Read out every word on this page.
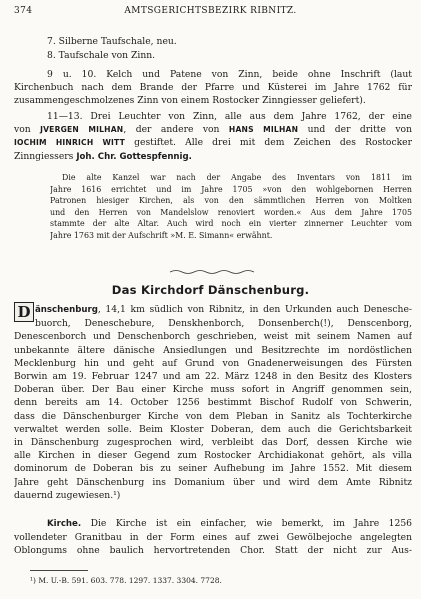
374	AMTSGERICHTSBEZIRK RIBNITZ.
7. Silberne Taufschale, neu.
8. Taufschale von Zinn.
9 u. 10. Kelch und Patene von Zinn, beide ohne Inschrift (laut
Kirchenbuch nach dem Brande der Pfarre und Küsterei im Jahre 1762 für
zusammengeschmolzenes Zinn von einem Rostocker Zinngiesser geliefert).
11—13. Drei Leuchter von Zinn, alle aus dem Jahre 1762, der eine
von JVERGEN MILHAN, der andere von HANS MILHAN und der dritte von
IOCHIM HINRICH WITT gestiftet. Alle drei mit dem Zeichen des Rostocker
Zinngiessers Joh. Chr. Gottespfennig.
Die alte Kanzel war nach der Angabe des Inventars von 1811 im
Jahre 1616 errichtet und im Jahre 1705 »von den wohlgebornen Herren
Patronen hiesiger Kirchen, als von den sämmtlichen Herren von Moltken
und den Herren von Mandelslow renoviert worden.« Aus dem Jahre 1705
stammte der alte Altar. Auch wird noch ein vierter zinnerner Leuchter vom
Jahre 1763 mit der Aufschrift »M. E. Simann« erwähnt.
Das Kirchdorf Dänschenburg.
D änschenburg, 14,1 km südlich von Ribnitz, in den Urkunden auch Denesche-
buorch, Deneschebure, Denskhenborch, Donsenberch(!), Denscenborg,
Denescenborch und Denschenborch geschrieben, weist mit seinem Namen auf
unbekannte ältere dänische Ansiedlungen und Besitzrechte im nordöstlichen
Mecklenburg hin und geht auf Grund von Gnadenerweisungen des Fürsten
Borwin am 19. Februar 1247 und am 22. März 1248 in den Besitz des Klosters
Doberan über. Der Bau einer Kirche muss sofort in Angriff genommen sein,
denn bereits am 14. October 1256 bestimmt Bischof Rudolf von Schwerin,
dass die Dänschenburger Kirche von dem Pleban in Sanitz als Tochterkirche
verwaltet werden solle. Beim Kloster Doberan, dem auch die Gerichtsbarkeit
in Dänschenburg zugesprochen wird, verbleibt das Dorf, dessen Kirche wie
alle Kirchen in dieser Gegend zum Rostocker Archidiakonat gehört, als villa
dominorum de Doberan bis zu seiner Aufhebung im Jahre 1552. Mit diesem
Jahre geht Dänschenburg ins Domanium über und wird dem Amte Ribnitz
dauernd zugewiesen.¹)
Kirche. Die Kirche ist ein einfacher, wie bemerkt, im Jahre 1256
vollendeter Granitbau in der Form eines auf zwei Gewölbejoche angelegten
Oblongums ohne baulich hervortretenden Chor. Statt der nicht zur Aus-
¹) M. U.-B. 591. 603. 778. 1297. 1337. 3304. 7728.
